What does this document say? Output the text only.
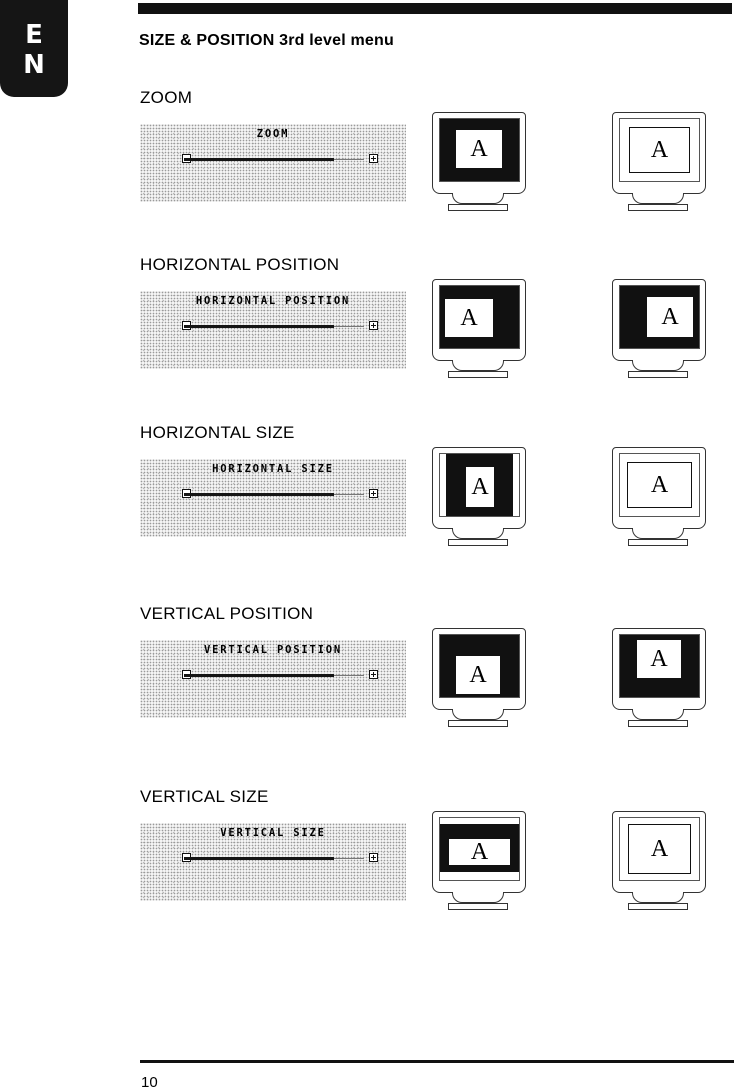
E
N
SIZE & POSITION 3rd level menu
ZOOM
ZOOM
A	A
HORIZONTAL POSITION
HORIZONTAL POSITION
A	A
HORIZONTAL SIZE
HORIZONTAL SIZE
A	A
VERTICAL POSITION
VERTICAL POSITION
A
A
VERTICAL SIZE
VERTICAL SIZE
A	A
10
